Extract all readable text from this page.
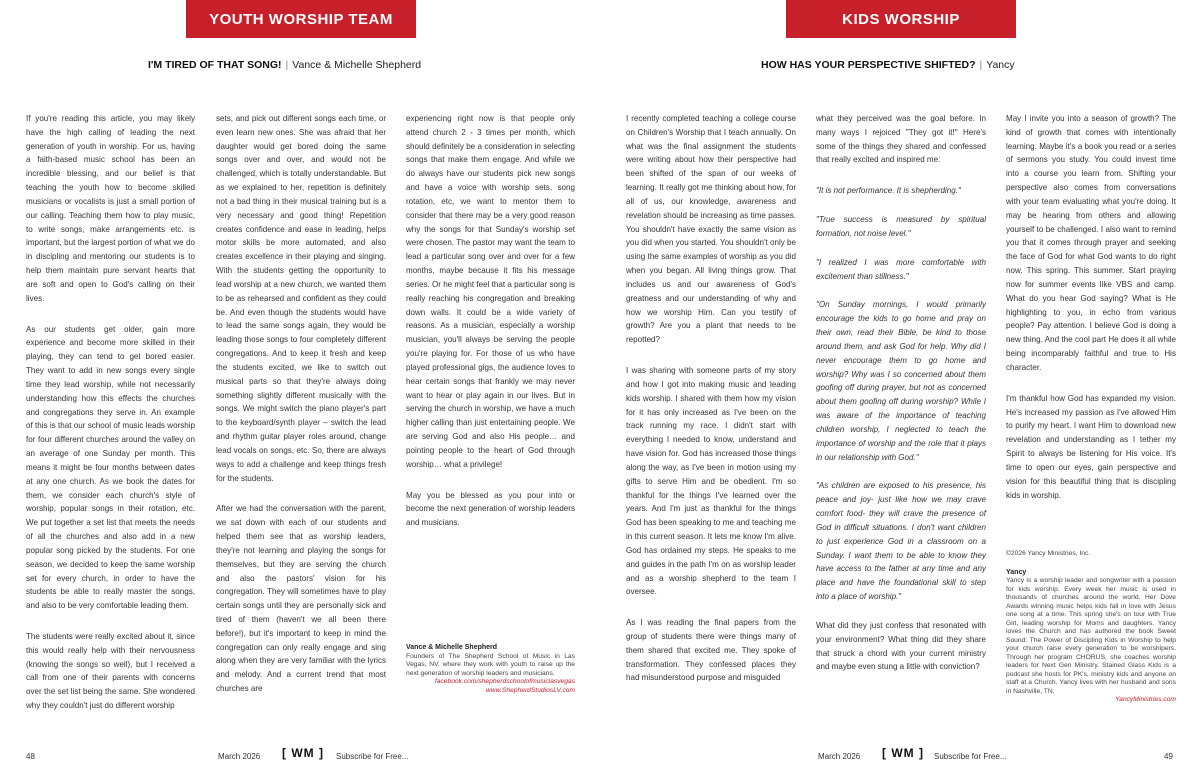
YOUTH WORSHIP TEAM
I'M TIRED OF THAT SONG! | Vance & Michelle Shepherd

If you're reading this article, you may likely have the high calling of leading the next generation of youth in worship. For us, having a faith-based music school has been an incredible blessing, and our belief is that teaching the youth how to become skilled musicians or vocalists is just a small portion of our calling. Teaching them how to play music, to write songs, make arrangements etc. is important, but the largest portion of what we do in discipling and mentoring our students is to help them maintain pure servant hearts that are soft and open to God's calling on their lives.

As our students get older, gain more experience and become more skilled in their playing, they can tend to get bored easier. They want to add in new songs every single time they lead worship, while not necessarily understanding how this effects the churches and congregations they serve in. An example of this is that our school of music leads worship for four different churches around the valley on an average of one Sunday per month. This means it might be four months between dates at any one church. As we book the dates for them, we consider each church's style of worship, popular songs in their rotation, etc. We put together a set list that meets the needs of all the churches and also add in a new popular song picked by the students. For one season, we decided to keep the same worship set for every church, in order to have the students be able to really master the songs, and also to be very comfortable leading them.

The students were really excited about it, since this would really help with their nervousness (knowing the songs so well), but I received a call from one of their parents with concerns over the set list being the same. She wondered why they couldn't just do different worship

sets, and pick out different songs each time, or even learn new ones. She was afraid that her daughter would get bored doing the same songs over and over, and would not be challenged, which is totally understandable. But as we explained to her, repetition is definitely not a bad thing in their musical training but is a very necessary and good thing! Repetition creates confidence and ease in leading, helps motor skills be more automated, and also creates excellence in their playing and singing. With the students getting the opportunity to lead worship at a new church, we wanted them to be as rehearsed and confident as they could be. And even though the students would have to lead the same songs again, they would be leading those songs to four completely different congregations. And to keep it fresh and keep the students excited, we like to switch out musical parts so that they're always doing something slightly different musically with the songs. We might switch the piano player's part to the keyboard/synth player – switch the lead and rhythm guitar player roles around, change lead vocals on songs, etc. So, there are always ways to add a challenge and keep things fresh for the students.

After we had the conversation with the parent, we sat down with each of our students and helped them see that as worship leaders, they're not learning and playing the songs for themselves, but they are serving the church and also the pastors' vision for his congregation. They will sometimes have to play certain songs until they are personally sick and tired of them (haven't we all been there before!), but it's important to keep in mind the congregation can only really engage and sing along when they are very familiar with the lyrics and melody. And a current trend that most churches are

experiencing right now is that people only attend church 2 - 3 times per month, which should definitely be a consideration in selecting songs that make them engage. And while we do always have our students pick new songs and have a voice with worship sets, song rotation, etc, we want to mentor them to consider that there may be a very good reason why the songs for that Sunday's worship set were chosen. The pastor may want the team to lead a particular song over and over for a few months, maybe because it fits his message series. Or he might feel that a particular song is really reaching his congregation and breaking down walls. It could be a wide variety of reasons. As a musician, especially a worship musician, you'll always be serving the people you're playing for. For those of us who have played professional gigs, the audience loves to hear certain songs that frankly we may never want to hear or play again in our lives. But in serving the church in worship, we have a much higher calling than just entertaining people. We are serving God and also His people… and pointing people to the heart of God through worship… what a privilege!

May you be blessed as you pour into or become the next generation of worship leaders and musicians.

Vance & Michelle Shepherd
Founders of The Shepherd School of Music in Las Vegas, NV, where they work with youth to raise up the next generation of worship leaders and musicians.
facebook.com/shepherdschoolofmusiclasvegas
www.ShepherdStudiosLV.com
48	March 2026 [ WM ] Subscribe for Free...
KIDS WORSHIP
HOW HAS YOUR PERSPECTIVE SHIFTED? | Yancy

I recently completed teaching a college course on Children's Worship that I teach annually. On what was the final assignment the students were writing about how their perspective had been shifted of the span of our weeks of learning. It really got me thinking about how, for all of us, our knowledge, awareness and revelation should be increasing as time passes. You shouldn't have exactly the same vision as you did when you started. You shouldn't only be using the same examples of worship as you did when you began. All living things grow. That includes us and our awareness of God's greatness and our understanding of why and how we worship Him. Can you testify of growth? Are you a plant that needs to be repotted?

I was sharing with someone parts of my story and how I got into making music and leading kids worship. I shared with them how my vision for it has only increased as I've been on the track running my race. I didn't start with everything I needed to know, understand and have vision for. God has increased those things along the way, as I've been in motion using my gifts to serve Him and be obedient. I'm so thankful for the things I've learned over the years. And I'm just as thankful for the things God has been speaking to me and teaching me in this current season. It lets me know I'm alive. God has ordained my steps. He speaks to me and guides in the path I'm on as worship leader and as a worship shepherd to the team I oversee.

As I was reading the final papers from the group of students there were things many of them shared that excited me. They spoke of transformation. They confessed places they had misunderstood purpose and misguided

what they perceived was the goal before. In many ways I rejoiced "They got it!" Here's some of the things they shared and confessed that really excited and inspired me:

"It is not performance. It is shepherding."

"True success is measured by spiritual formation, not noise level."

"I realized I was more comfortable with excitement than stillness."

"On Sunday mornings, I would primarily encourage the kids to go home and pray on their own, read their Bible, be kind to those around them, and ask God for help. Why did I never encourage them to go home and worship? Why was I so concerned about them goofing off during prayer, but not as concerned about them goofing off during worship? While I was aware of the importance of teaching children worship, I neglected to teach the importance of worship and the role that it plays in our relationship with God."

"As children are exposed to his presence, his peace and joy- just like how we may crave comfort food- they will crave the presence of God in difficult situations. I don't want children to just experience God in a classroom on a Sunday. I want them to be able to know they have access to the father at any time and any place and have the foundational skill to step into a place of worship."

What did they just confess that resonated with your environment? What thing did they share that struck a chord with your current ministry and maybe even stung a little with conviction?

May I invite you into a season of growth? The kind of growth that comes with intentionally learning. Maybe it's a book you read or a series of sermons you study. You could invest time into a course you learn from. Shifting your perspective also comes from conversations with your team evaluating what you're doing. It may be hearing from others and allowing yourself to be challenged. I also want to remind you that it comes through prayer and seeking the face of God for what God wants to do right now. This spring. This summer. Start praying now for summer events like VBS and camp. What do you hear God saying? What is He highlighting to you, in echo from various people? Pay attention. I believe God is doing a new thing. And the cool part He does it all while being incomparably faithful and true to His character.

I'm thankful how God has expanded my vision. He's increased my passion as I've allowed Him to purify my heart. I want Him to download new revelation and understanding as I tether my Spirit to always be listening for His voice. It's time to open our eyes, gain perspective and vision for this beautiful thing that is discipling kids in worship.

©2026 Yancy Ministries, Inc.
Yancy
Yancy is a worship leader and songwriter with a passion for kids worship. Every week her music is used in thousands of churches around the world. Her Dove Awards winning music helps kids fall in love with Jesus one song at a time. This spring she's on tour with True Girl, leading worship for Moms and daughters. Yancy loves the Church and has authored the book Sweet Sound: The Power of Discipling Kids in Worship to help your church raise every generation to be worshipers. Through her program CHORUS, she coaches worship leaders for Next Gen Ministry. Stained Glass Kids is a podcast she hosts for PK's, ministry kids and anyone on staff at a Church. Yancy lives with her husband and sons in Nashville, TN.
YancyMinistries.com
March 2026 [ WM ] Subscribe for Free...	49
